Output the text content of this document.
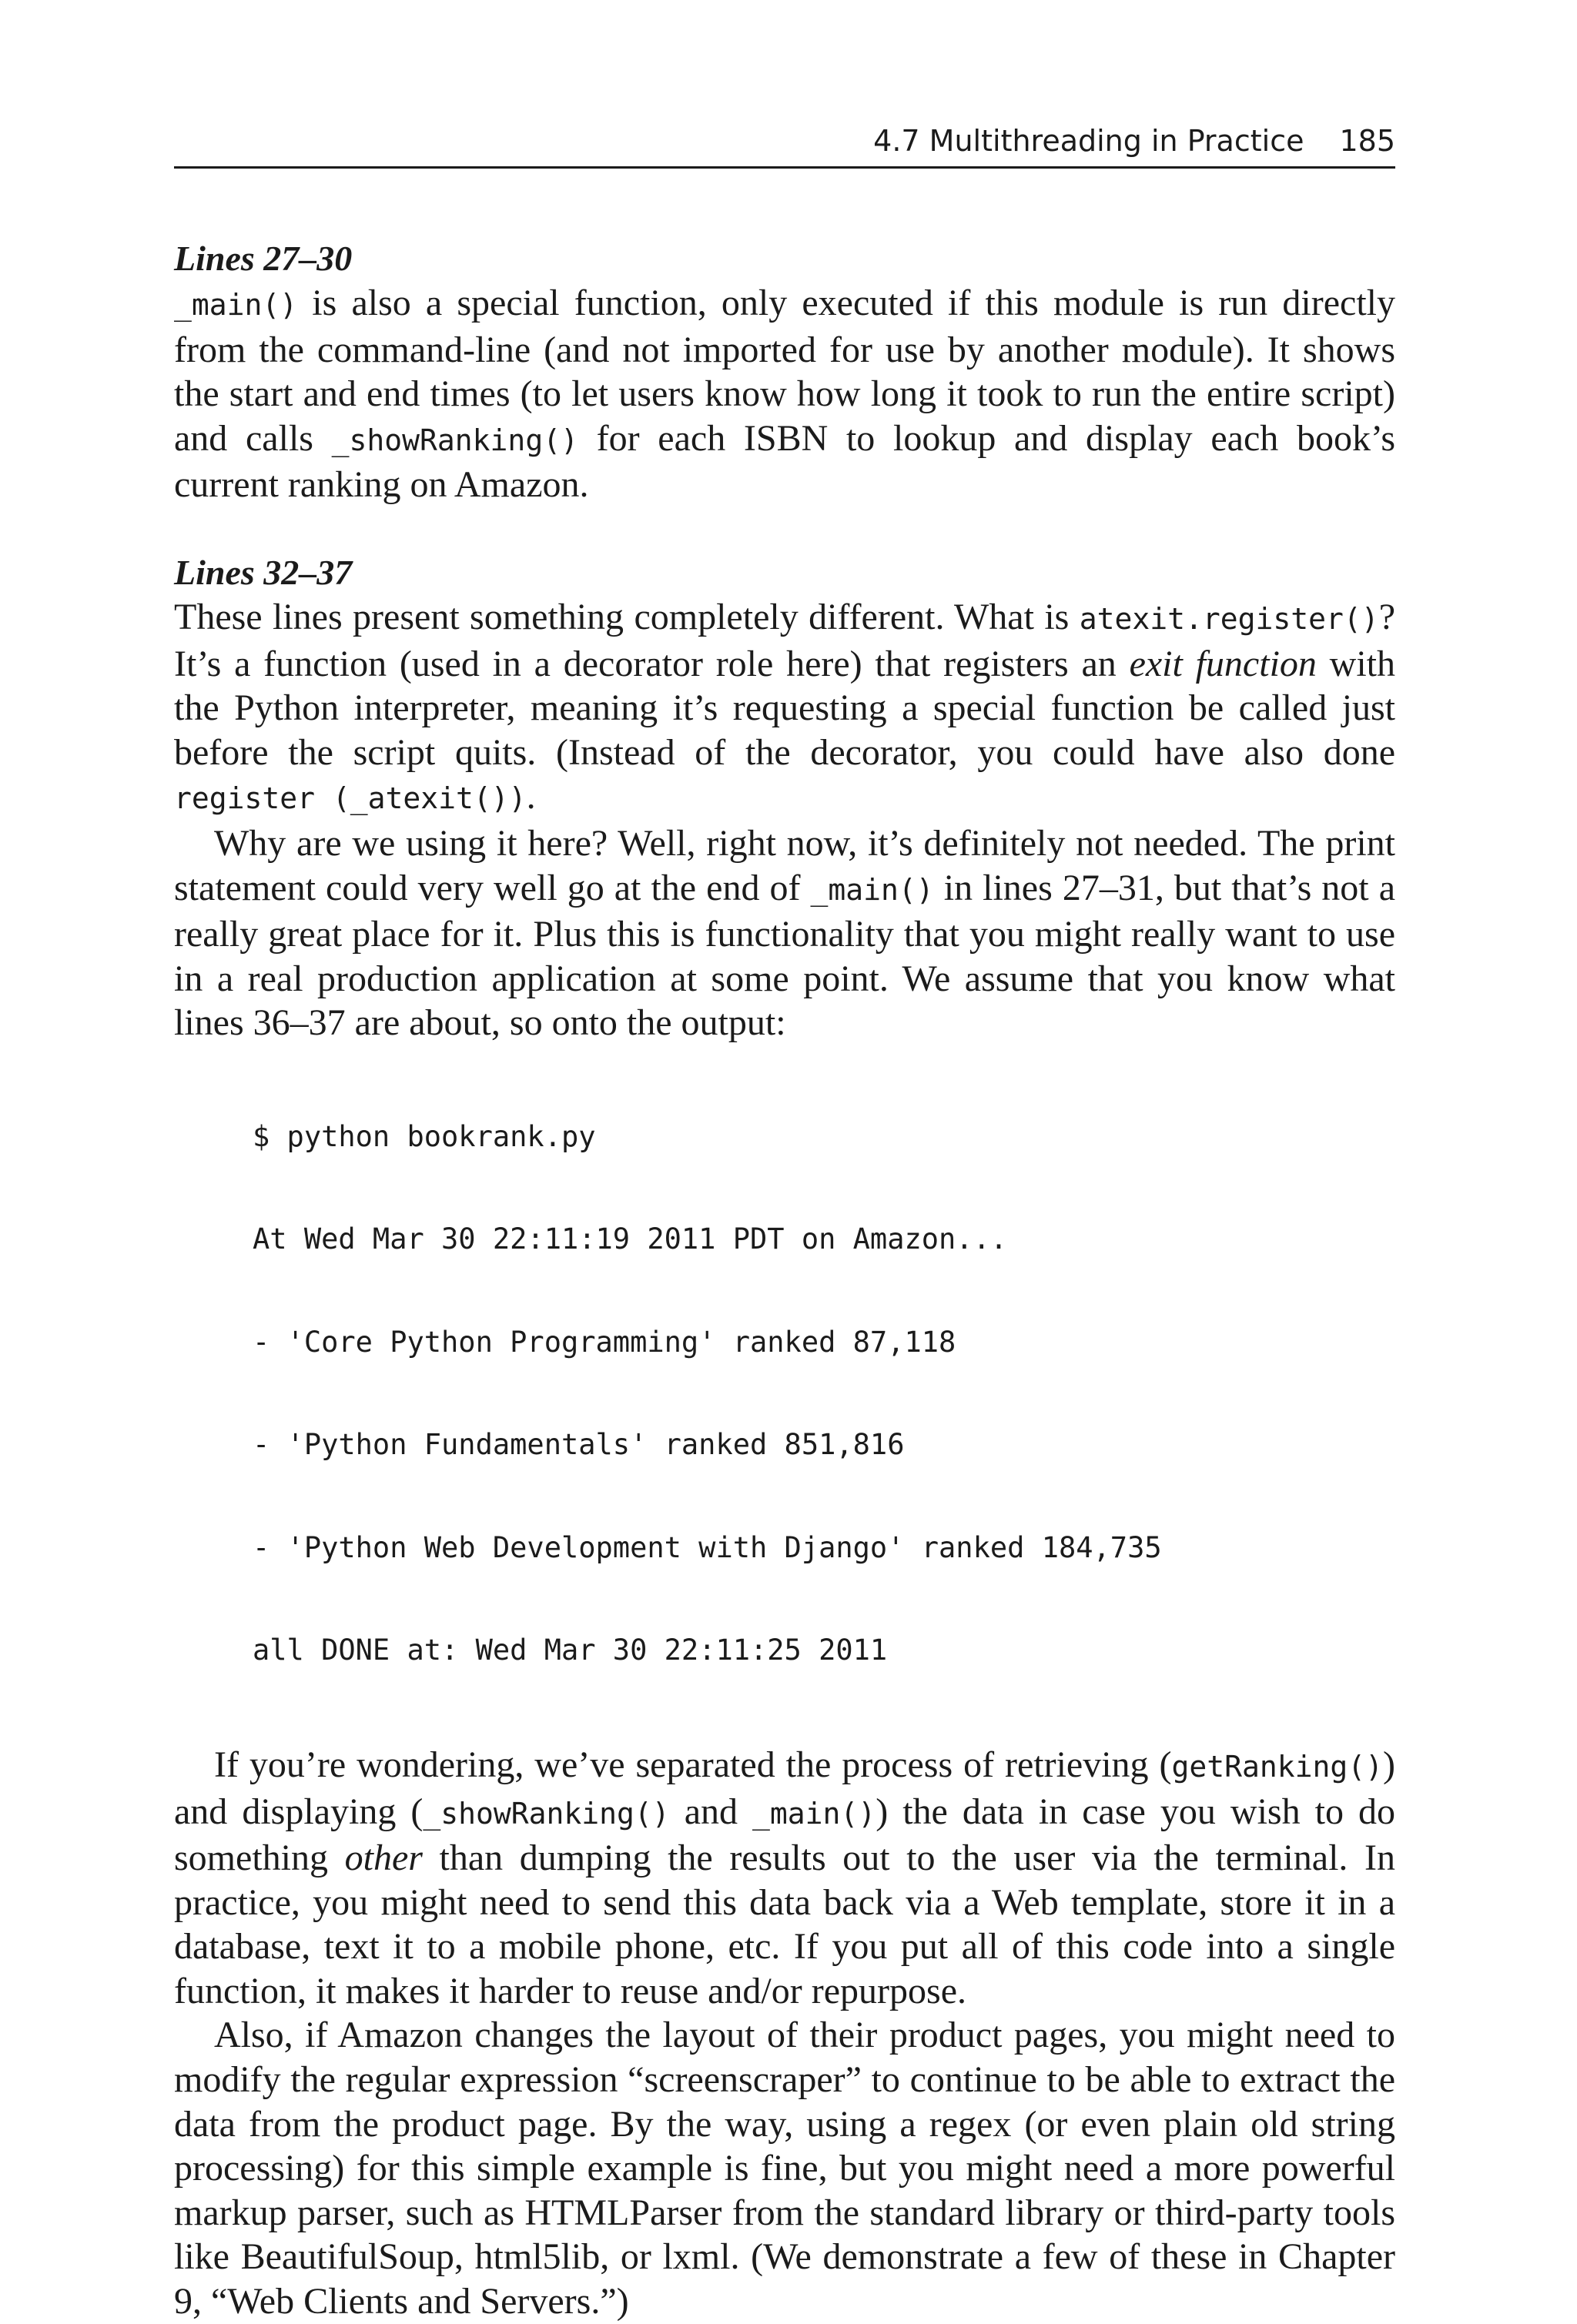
4.7 Multithreading in Practice 185
Lines 27–30

_main() is also a special function, only executed if this module is run directly from the command-line (and not imported for use by another module). It shows the start and end times (to let users know how long it took to run the entire script) and calls _showRanking() for each ISBN to lookup and display each book’s current ranking on Amazon.

Lines 32–37

These lines present something completely different. What is atexit.register()? It’s a function (used in a decorator role here) that registers an exit function with the Python interpreter, meaning it’s requesting a special function be called just before the script quits. (Instead of the decorator, you could have also done register (_atexit()).

Why are we using it here? Well, right now, it’s definitely not needed. The print statement could very well go at the end of _main() in lines 27–31, but that’s not a really great place for it. Plus this is functionality that you might really want to use in a real production application at some point. We assume that you know what lines 36–37 are about, so onto the output:

$ python bookrank.py

At Wed Mar 30 22:11:19 2011 PDT on Amazon...

- 'Core Python Programming' ranked 87,118

- 'Python Fundamentals' ranked 851,816

- 'Python Web Development with Django' ranked 184,735

all DONE at: Wed Mar 30 22:11:25 2011

If you’re wondering, we’ve separated the process of retrieving (getRanking()) and displaying (_showRanking() and _main()) the data in case you wish to do something other than dumping the results out to the user via the terminal. In practice, you might need to send this data back via a Web template, store it in a database, text it to a mobile phone, etc. If you put all of this code into a single function, it makes it harder to reuse and/or repurpose.

Also, if Amazon changes the layout of their product pages, you might need to modify the regular expression “screenscraper” to continue to be able to extract the data from the product page. By the way, using a regex (or even plain old string processing) for this simple example is fine, but you might need a more powerful markup parser, such as HTMLParser from the standard library or third-party tools like BeautifulSoup, html5lib, or lxml. (We demonstrate a few of these in Chapter 9, “Web Clients and Servers.”)
